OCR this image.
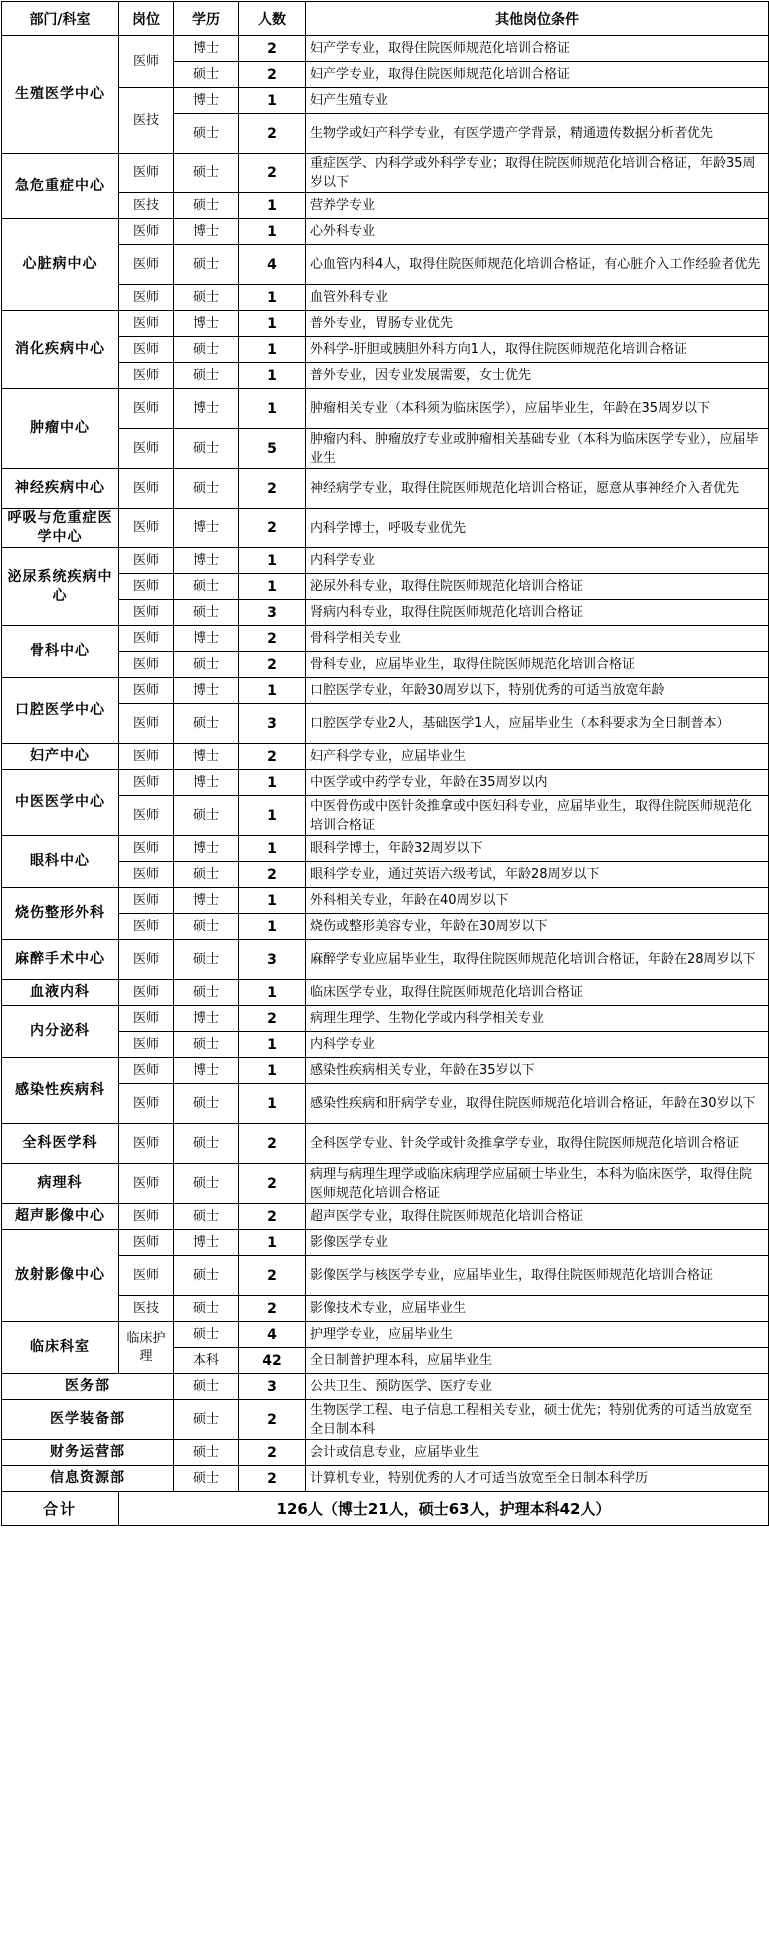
部门/科室	岗位	学历	人数	其他岗位条件
生殖医学中心	医师	博士	2	妇产学专业，取得住院医师规范化培训合格证
		硕士	2	妇产学专业，取得住院医师规范化培训合格证
	医技	博士	1	妇产生殖专业
		硕士	2	生物学或妇产科学专业，有医学遗产学背景，精通遗传数据分析者优先
急危重症中心	医师	硕士	2	重症医学、内科学或外科学专业；取得住院医师规范化培训合格证，年龄35周岁以下
	医技	硕士	1	营养学专业
心脏病中心	医师	博士	1	心外科专业
	医师	硕士	4	心血管内科4人，取得住院医师规范化培训合格证，有心脏介入工作经验者优先
	医师	硕士	1	血管外科专业
消化疾病中心	医师	博士	1	普外专业，胃肠专业优先
	医师	硕士	1	外科学-肝胆或胰胆外科方向1人，取得住院医师规范化培训合格证
	医师	硕士	1	普外专业，因专业发展需要，女士优先
肿瘤中心	医师	博士	1	肿瘤相关专业（本科须为临床医学），应届毕业生，年龄在35周岁以下
	医师	硕士	5	肿瘤内科、肿瘤放疗专业或肿瘤相关基础专业（本科为临床医学专业），应届毕业生
神经疾病中心	医师	硕士	2	神经病学专业，取得住院医师规范化培训合格证，愿意从事神经介入者优先
呼吸与危重症医学中心	医师	博士	2	内科学博士，呼吸专业优先
泌尿系统疾病中心	医师	博士	1	内科学专业
	医师	硕士	1	泌尿外科专业，取得住院医师规范化培训合格证
	医师	硕士	3	肾病内科专业，取得住院医师规范化培训合格证
骨科中心	医师	博士	2	骨科学相关专业
	医师	硕士	2	骨科专业，应届毕业生，取得住院医师规范化培训合格证
口腔医学中心	医师	博士	1	口腔医学专业，年龄30周岁以下，特别优秀的可适当放宽年龄
	医师	硕士	3	口腔医学专业2人，基础医学1人，应届毕业生（本科要求为全日制普本）
妇产中心	医师	博士	2	妇产科学专业，应届毕业生
中医医学中心	医师	博士	1	中医学或中药学专业，年龄在35周岁以内
	医师	硕士	1	中医骨伤或中医针灸推拿或中医妇科专业，应届毕业生，取得住院医师规范化培训合格证
眼科中心	医师	博士	1	眼科学博士，年龄32周岁以下
	医师	硕士	2	眼科学专业，通过英语六级考试，年龄28周岁以下
烧伤整形外科	医师	博士	1	外科相关专业，年龄在40周岁以下
	医师	硕士	1	烧伤或整形美容专业，年龄在30周岁以下
麻醉手术中心	医师	硕士	3	麻醉学专业应届毕业生，取得住院医师规范化培训合格证，年龄在28周岁以下
血液内科	医师	硕士	1	临床医学专业，取得住院医师规范化培训合格证
内分泌科	医师	博士	2	病理生理学、生物化学或内科学相关专业
	医师	硕士	1	内科学专业
感染性疾病科	医师	博士	1	感染性疾病相关专业，年龄在35岁以下
	医师	硕士	1	感染性疾病和肝病学专业，取得住院医师规范化培训合格证，年龄在30岁以下
全科医学科	医师	硕士	2	全科医学专业、针灸学或针灸推拿学专业，取得住院医师规范化培训合格证
病理科	医师	硕士	2	病理与病理生理学或临床病理学应届硕士毕业生，本科为临床医学，取得住院医师规范化培训合格证
超声影像中心	医师	硕士	2	超声医学专业，取得住院医师规范化培训合格证
放射影像中心	医师	博士	1	影像医学专业
	医师	硕士	2	影像医学与核医学专业，应届毕业生，取得住院医师规范化培训合格证
	医技	硕士	2	影像技术专业，应届毕业生
临床科室	临床护理	硕士	4	护理学专业，应届毕业生
		本科	42	全日制普护理本科，应届毕业生
医务部		硕士	3	公共卫生、预防医学、医疗专业
医学装备部		硕士	2	生物医学工程、电子信息工程相关专业，硕士优先；特别优秀的可适当放宽至全日制本科
财务运营部		硕士	2	会计或信息专业，应届毕业生
信息资源部		硕士	2	计算机专业，特别优秀的人才可适当放宽至全日制本科学历
合计	126人（博士21人，硕士63人，护理本科42人）			
